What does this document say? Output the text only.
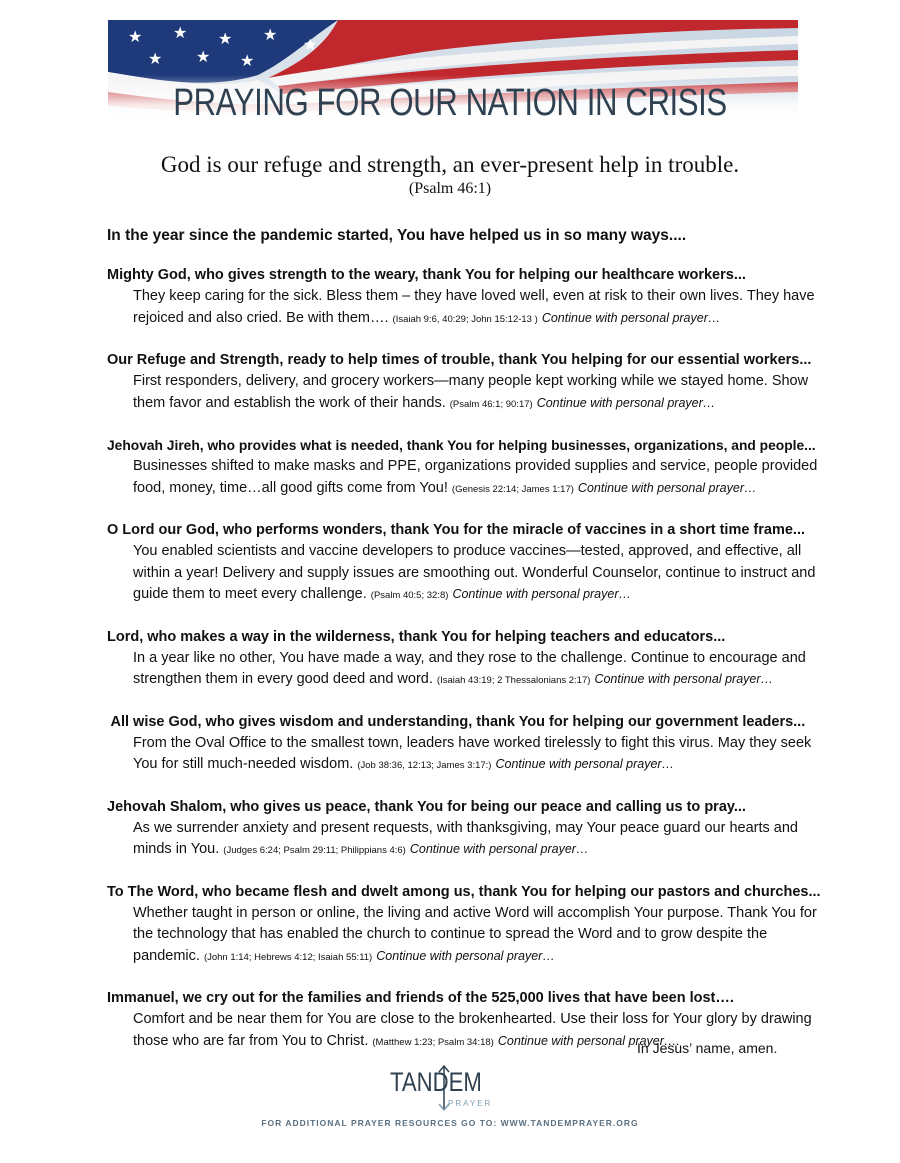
PRAYING FOR OUR NATION IN CRISIS
God is our refuge and strength, an ever-present help in trouble.
(Psalm 46:1)
In the year since the pandemic started, You have helped us in so many ways....
Mighty God, who gives strength to the weary, thank You for helping our healthcare workers...
They keep caring for the sick. Bless them – they have loved well, even at risk to their own lives. They have rejoiced and also cried. Be with them…. (Isaiah 9:6, 40:29; John 15:12-13 ) Continue with personal prayer…
Our Refuge and Strength, ready to help times of trouble, thank You helping for our essential workers...
First responders, delivery, and grocery workers—many people kept working while we stayed home. Show them favor and establish the work of their hands. (Psalm 46:1; 90:17) Continue with personal prayer…
Jehovah Jireh, who provides what is needed, thank You for helping businesses, organizations, and people...
Businesses shifted to make masks and PPE, organizations provided supplies and service, people provided food, money, time…all good gifts come from You! (Genesis 22:14; James 1:17) Continue with personal prayer…
O Lord our God, who performs wonders, thank You for the miracle of vaccines in a short time frame...
You enabled scientists and vaccine developers to produce vaccines—tested, approved, and effective, all within a year! Delivery and supply issues are smoothing out. Wonderful Counselor, continue to instruct and guide them to meet every challenge. (Psalm 40:5; 32:8) Continue with personal prayer…
Lord, who makes a way in the wilderness, thank You for helping teachers and educators...
In a year like no other, You have made a way, and they rose to the challenge. Continue to encourage and strengthen them in every good deed and word. (Isaiah 43:19; 2 Thessalonians 2:17) Continue with personal prayer…
All wise God, who gives wisdom and understanding, thank You for helping our government leaders...
From the Oval Office to the smallest town, leaders have worked tirelessly to fight this virus. May they seek You for still much-needed wisdom. (Job 38:36, 12:13; James 3:17:) Continue with personal prayer…
Jehovah Shalom, who gives us peace, thank You for being our peace and calling us to pray...
As we surrender anxiety and present requests, with thanksgiving, may Your peace guard our hearts and minds in You. (Judges 6:24; Psalm 29:11; Philippians 4:6) Continue with personal prayer…
To The Word, who became flesh and dwelt among us, thank You for helping our pastors and churches...
Whether taught in person or online, the living and active Word will accomplish Your purpose. Thank You for the technology that has enabled the church to continue to spread the Word and to grow despite the pandemic. (John 1:14; Hebrews 4:12; Isaiah 55:11) Continue with personal prayer…
Immanuel, we cry out for the families and friends of the 525,000 lives that have been lost….
Comfort and be near them for You are close to the brokenhearted. Use their loss for Your glory by drawing those who are far from You to Christ. (Matthew 1:23; Psalm 34:18) Continue with personal prayer….
In Jesus’ name, amen.
TANDEM
PRAYER
FOR ADDITIONAL PRAYER RESOURCES GO TO: WWW.TANDEMPRAYER.ORG
